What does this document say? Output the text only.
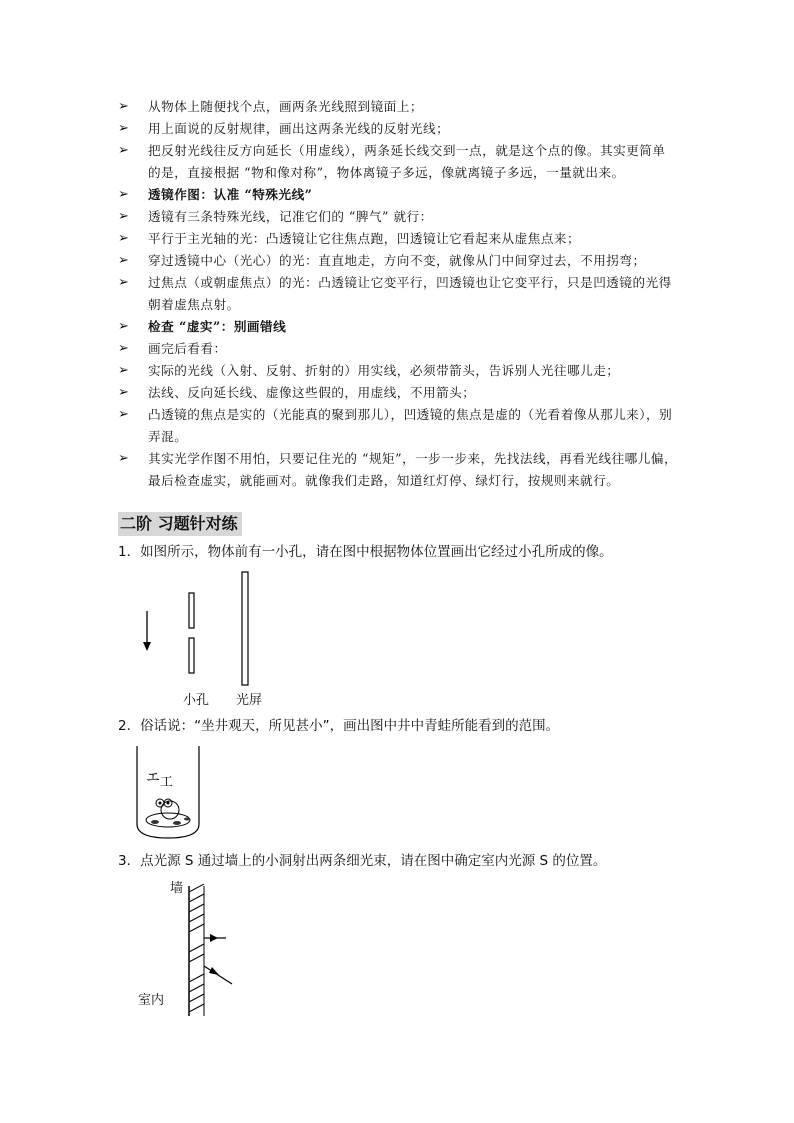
➢ 从物体上随便找个点，画两条光线照到镜面上；
➢ 用上面说的反射规律，画出这两条光线的反射光线；
➢ 把反射光线往反方向延长（用虚线），两条延长线交到一点，就是这个点的像。其实更简单的是，直接根据 “物和像对称”，物体离镜子多远，像就离镜子多远，一量就出来。
➢ 透镜作图：认准 “特殊光线”
➢ 透镜有三条特殊光线，记准它们的 “脾气” 就行：
➢ 平行于主光轴的光：凸透镜让它往焦点跑，凹透镜让它看起来从虚焦点来；
➢ 穿过透镜中心（光心）的光：直直地走，方向不变，就像从门中间穿过去，不用拐弯；
➢ 过焦点（或朝虚焦点）的光：凸透镜让它变平行，凹透镜也让它变平行，只是凹透镜的光得朝着虚焦点射。
➢ 检查 “虚实”：别画错线
➢ 画完后看看：
➢ 实际的光线（入射、反射、折射的）用实线，必须带箭头，告诉别人光往哪儿走；
➢ 法线、反向延长线、虚像这些假的，用虚线，不用箭头；
➢ 凸透镜的焦点是实的（光能真的聚到那儿），凹透镜的焦点是虚的（光看着像从那儿来），别弄混。
➢ 其实光学作图不用怕，只要记住光的 “规矩”，一步一步来，先找法线，再看光线往哪儿偏，最后检查虚实，就能画对。就像我们走路，知道红灯停、绿灯行，按规则来就行。
二阶 习题针对练
1．如图所示，物体前有一小孔，请在图中根据物体位置画出它经过小孔所成的像。
小孔 光屏
2．俗话说：“坐井观天，所见甚小”，画出图中井中青蛙所能看到的范围。
エ 工
3．点光源 S 通过墙上的小洞射出两条细光束，请在图中确定室内光源 S 的位置。
墙
室内
